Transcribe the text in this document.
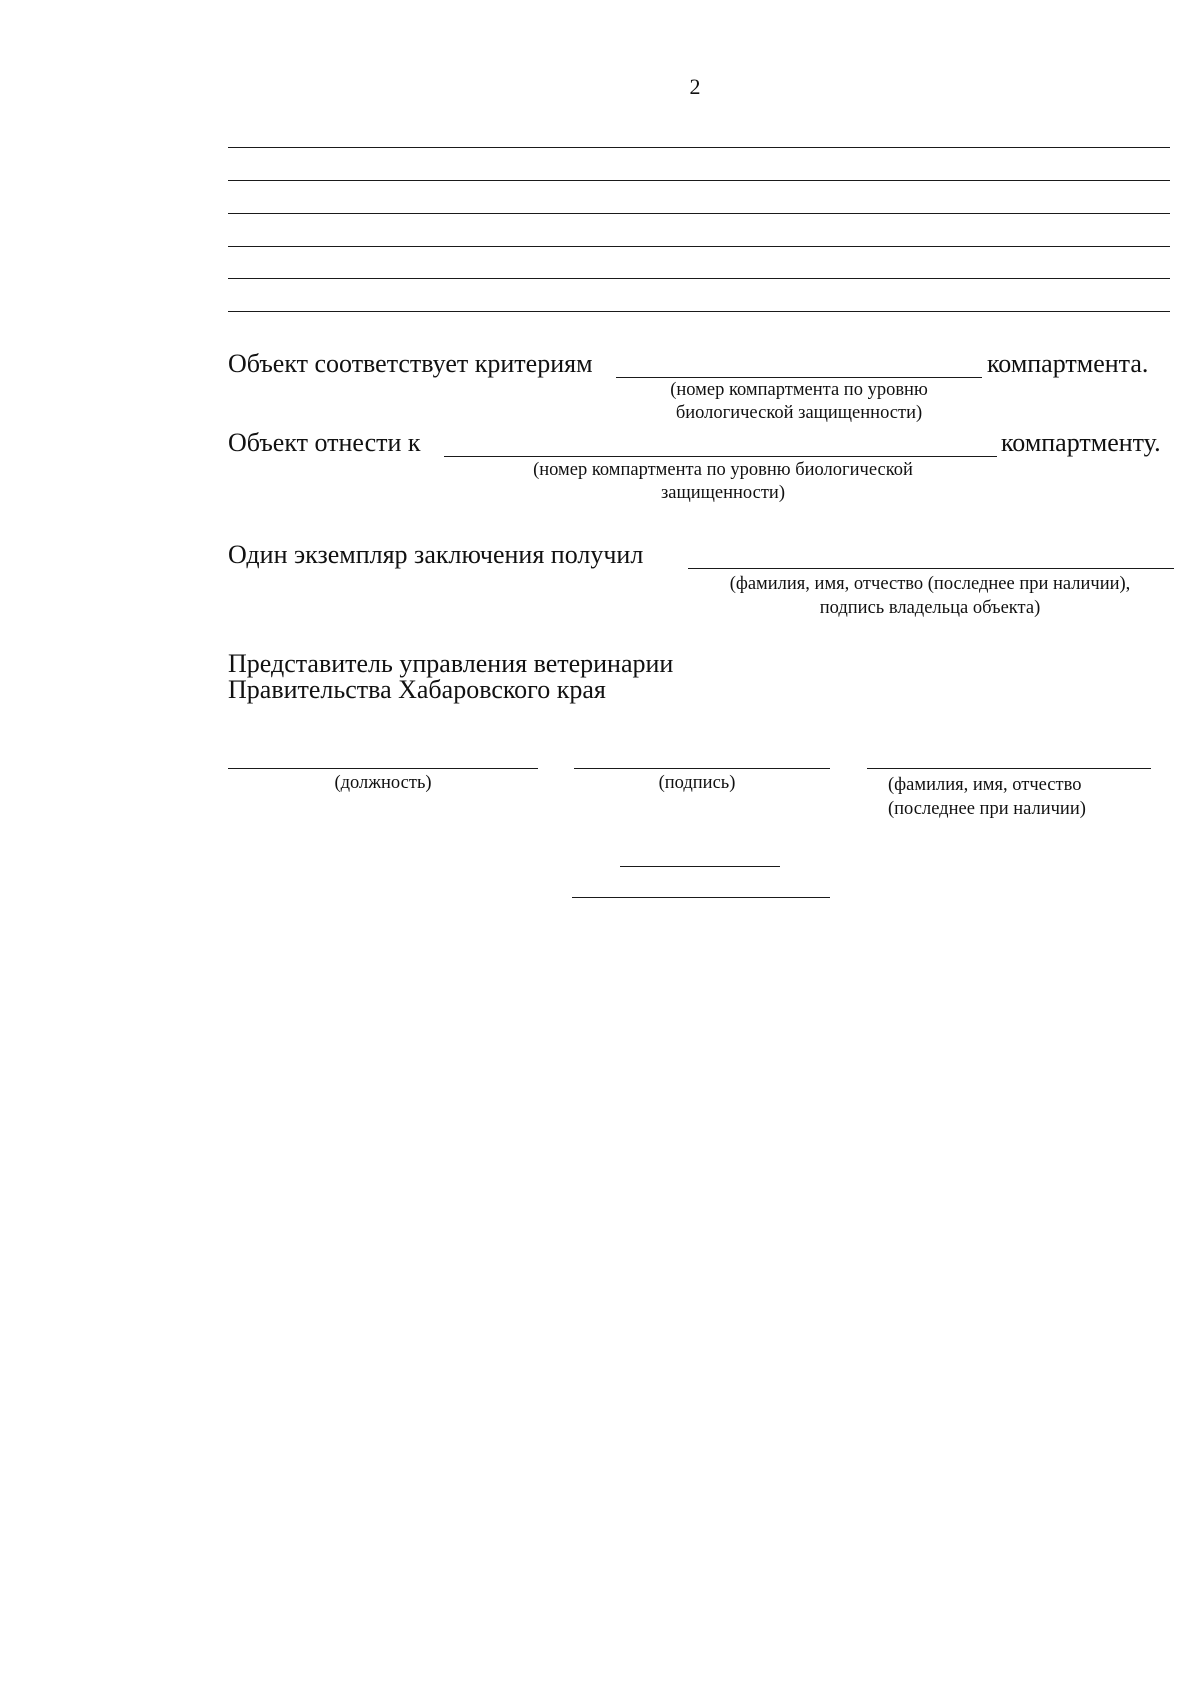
2
Объект соответствует критериям	компартмента.
(номер компартмента по уровню
биологической защищенности)
Объект отнести к	компартменту.
(номер компартмента по уровню биологической
защищенности)
Один экземпляр заключения получил
(фамилия, имя, отчество (последнее при наличии),
подпись владельца объекта)
Представитель управления ветеринарии
Правительства Хабаровского края
(должность)	(подпись)	(фамилия, имя, отчество
(последнее при наличии)
